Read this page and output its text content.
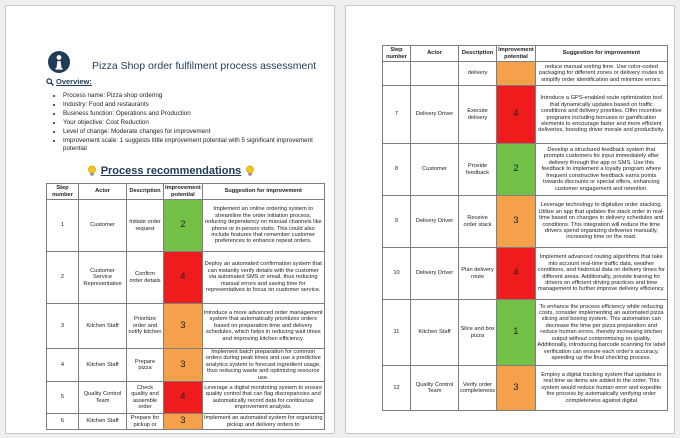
Pizza Shop order fulfilment process assessment
Overview:
• Process name: Pizza shop ordering
• Industry: Food and restaurants
• Business function: Operations and Production
• Your objective: Cost Reduction
• Level of change: Moderate changes for improvement
• Improvement scale: 1 suggests little improvement potential with 5 significant improvement potential
Process recommendations
Step number	Actor	Description	Improvement potential	Suggestion for improvement
1	Customer	Initiate order request	2	Implement an online ordering system to streamline the order initiation process, reducing dependency on manual channels like phone or in-person visits. This could also include features that remember customer preferences to enhance repeat orders.
2	Customer Service Representative	Confirm order details	4	Deploy an automated confirmation system that can instantly verify details with the customer via automated SMS or email, thus reducing manual errors and saving time for representatives to focus on customer service.
3	Kitchen Staff	Prioritize order and notify kitchen	3	Introduce a more advanced order management system that automatically prioritizes orders based on preparation time and delivery schedules, which helps in reducing wait times and improving kitchen efficiency.
4	Kitchen Staff	Prepare pizza	3	Implement batch preparation for common orders during peak times and use a predictive analytics system to forecast ingredient usage, thus reducing waste and optimizing resource use.
5	Quality Control Team	Check quality and assemble order	4	Leverage a digital monitoring system to ensure quality control that can flag discrepancies and automatically record data for continuous improvement analysis.
6	Kitchen Staff	Prepare for pickup or	3	Implement an automated system for organizing pickup and delivery orders to
Step number	Actor	Description	Improvement potential	Suggestion for improvement
		delivery		reduce manual sorting time. Use color-coded packaging for different zones or delivery routes to simplify order identification and minimize errors.
7	Delivery Driver	Execute delivery	4	Introduce a GPS-enabled route optimization tool that dynamically updates based on traffic conditions and delivery priorities. Offer incentive programs including bonuses or gamification elements to encourage faster and more efficient deliveries, boosting driver morale and productivity.
8	Customer	Provide feedback	2	Develop a structured feedback system that prompts customers for input immediately after delivery through the app or SMS. Use this feedback to implement a loyalty program where frequent constructive feedback earns points towards discounts or special offers, enhancing customer engagement and retention.
9	Delivery Driver	Receive order stack	3	Leverage technology to digitalize order stacking. Utilize an app that updates the stack order in real-time based on changes in delivery schedules and conditions. This integration will reduce the time drivers spend organizing deliveries manually, increasing time on the road.
10	Delivery Driver	Plan delivery route	4	Implement advanced routing algorithms that take into account real-time traffic data, weather conditions, and historical data on delivery times for different areas. Additionally, provide training for drivers on efficient driving practices and time management to further improve delivery efficiency.
11	Kitchen Staff	Slice and box pizza	1	To enhance the process efficiency while reducing costs, consider implementing an automated pizza slicing and boxing system. This automation can decrease the time per pizza preparation and reduce human errors, thereby increasing kitchen output without compromising on quality. Additionally, introducing barcode scanning for label verification can ensure each order's accuracy, speeding up the final checking process.
12	Quality Control Team	Verify order completeness	3	Employ a digital tracking system that updates in real time as items are added to the order. This system would reduce human error and expedite the process by automatically verifying order completeness against digital
